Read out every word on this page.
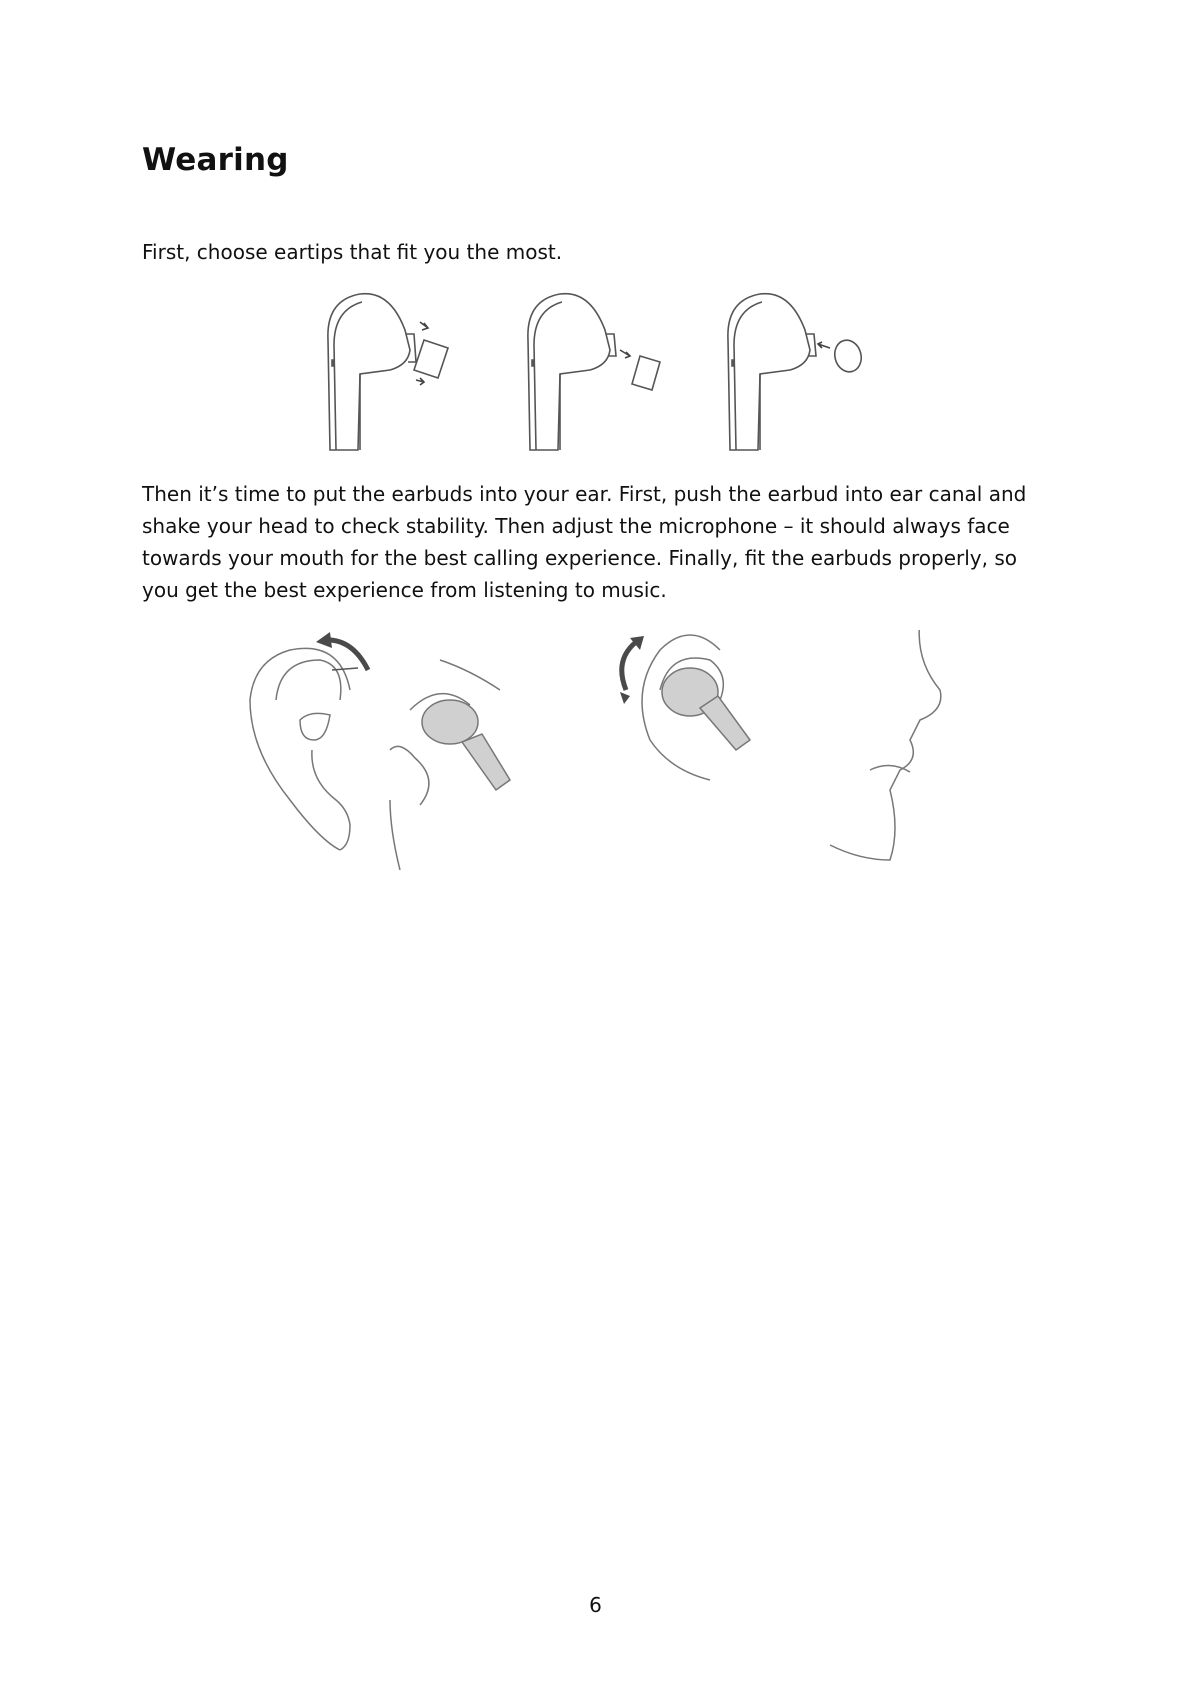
Wearing

First, choose eartips that fit you the most.

Then it’s time to put the earbuds into your ear. First, push the earbud into ear canal and shake your head to check stability. Then adjust the microphone – it should always face towards your mouth for the best calling experience. Finally, fit the earbuds properly, so you get the best experience from listening to music.

6
